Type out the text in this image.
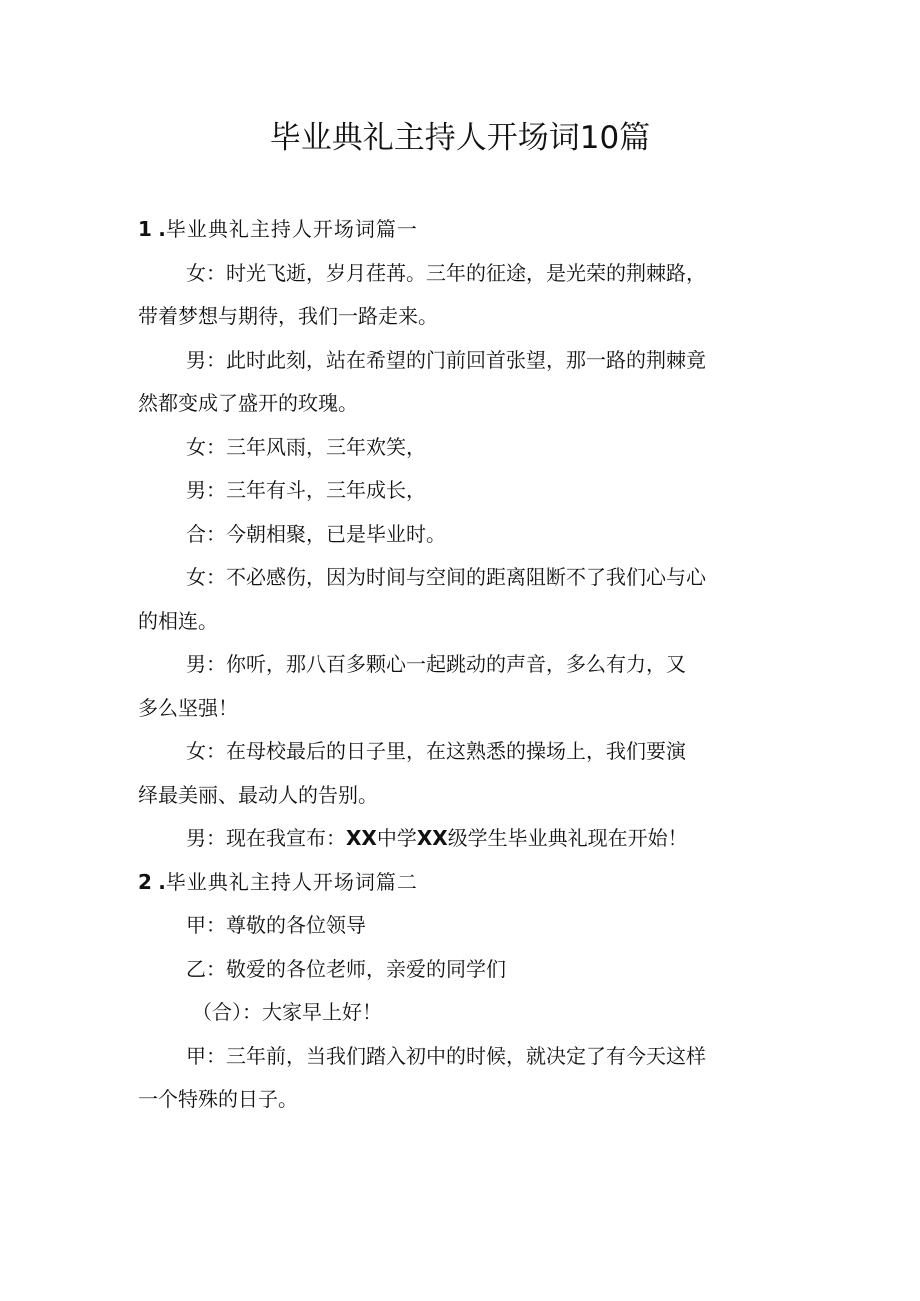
毕业典礼主持人开场词10篇
1 .毕业典礼主持人开场词篇一
女：时光飞逝，岁月荏苒。三年的征途，是光荣的荆棘路，
带着梦想与期待，我们一路走来。
男：此时此刻，站在希望的门前回首张望，那一路的荆棘竟
然都变成了盛开的玫瑰。
女：三年风雨，三年欢笑，
男：三年有斗，三年成长，
合：今朝相聚，已是毕业时。
女：不必感伤，因为时间与空间的距离阻断不了我们心与心
的相连。
男：你听，那八百多颗心一起跳动的声音，多么有力，又
多么坚强！
女：在母校最后的日子里，在这熟悉的操场上，我们要演
绎最美丽、最动人的告别。
男：现在我宣布：XX中学XX级学生毕业典礼现在开始！
2 .毕业典礼主持人开场词篇二
甲：尊敬的各位领导
乙：敬爱的各位老师，亲爱的同学们
（合）：大家早上好！
甲：三年前，当我们踏入初中的时候，就决定了有今天这样
一个特殊的日子。
